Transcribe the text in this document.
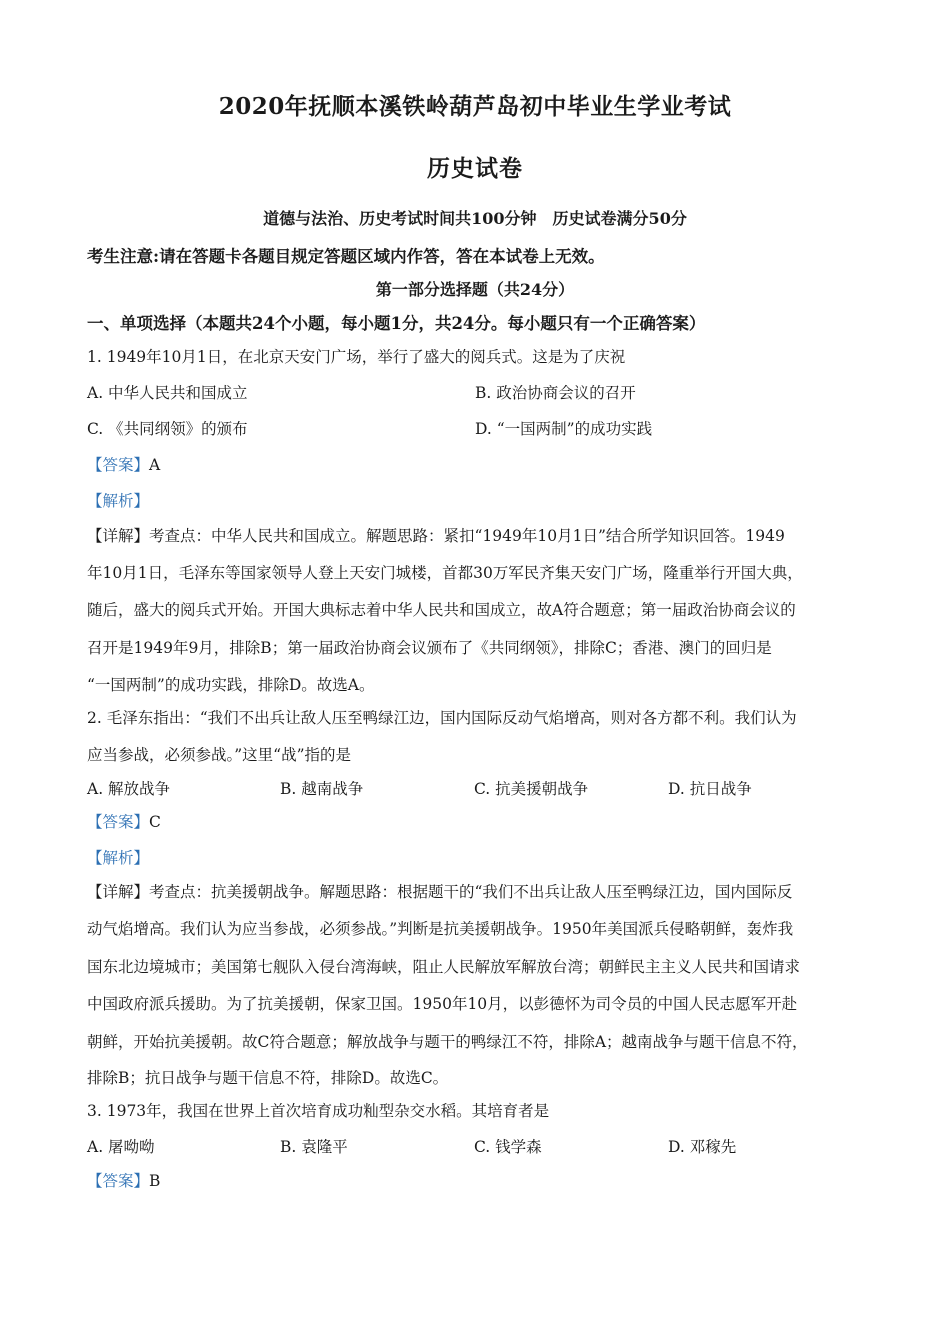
2020年抚顺本溪铁岭葫芦岛初中毕业生学业考试
历史试卷
道德与法治、历史考试时间共100分钟　历史试卷满分50分
考生注意:请在答题卡各题目规定答题区域内作答，答在本试卷上无效。
第一部分选择题（共24分）
一、单项选择（本题共24个小题，每小题1分，共24分。每小题只有一个正确答案）
1. 1949年10月1日，在北京天安门广场，举行了盛大的阅兵式。这是为了庆祝
A. 中华人民共和国成立	B. 政治协商会议的召开
C. 《共同纲领》的颁布	D. “一国两制”的成功实践
【答案】A
【解析】
【详解】考查点：中华人民共和国成立。解题思路：紧扣“1949年10月1日”结合所学知识回答。1949
年10月1日，毛泽东等国家领导人登上天安门城楼，首都30万军民齐集天安门广场，隆重举行开国大典，
随后，盛大的阅兵式开始。开国大典标志着中华人民共和国成立，故A符合题意；第一届政治协商会议的
召开是1949年9月，排除B；第一届政治协商会议颁布了《共同纲领》，排除C；香港、澳门的回归是
“一国两制”的成功实践，排除D。故选A。
2. 毛泽东指出：“我们不出兵让敌人压至鸭绿江边，国内国际反动气焰增高，则对各方都不利。我们认为
应当参战，必须参战。”这里“战”指的是
A. 解放战争	B. 越南战争	C. 抗美援朝战争	D. 抗日战争
【答案】C
【解析】
【详解】考查点：抗美援朝战争。解题思路：根据题干的“我们不出兵让敌人压至鸭绿江边，国内国际反
动气焰增高。我们认为应当参战，必须参战。”判断是抗美援朝战争。1950年美国派兵侵略朝鲜，轰炸我
国东北边境城市；美国第七舰队入侵台湾海峡，阻止人民解放军解放台湾；朝鲜民主主义人民共和国请求
中国政府派兵援助。为了抗美援朝，保家卫国。1950年10月，以彭德怀为司令员的中国人民志愿军开赴
朝鲜，开始抗美援朝。故C符合题意；解放战争与题干的鸭绿江不符，排除A；越南战争与题干信息不符，
排除B；抗日战争与题干信息不符，排除D。故选C。
3. 1973年，我国在世界上首次培育成功籼型杂交水稻。其培育者是
A. 屠呦呦	B. 袁隆平	C. 钱学森	D. 邓稼先
【答案】B
